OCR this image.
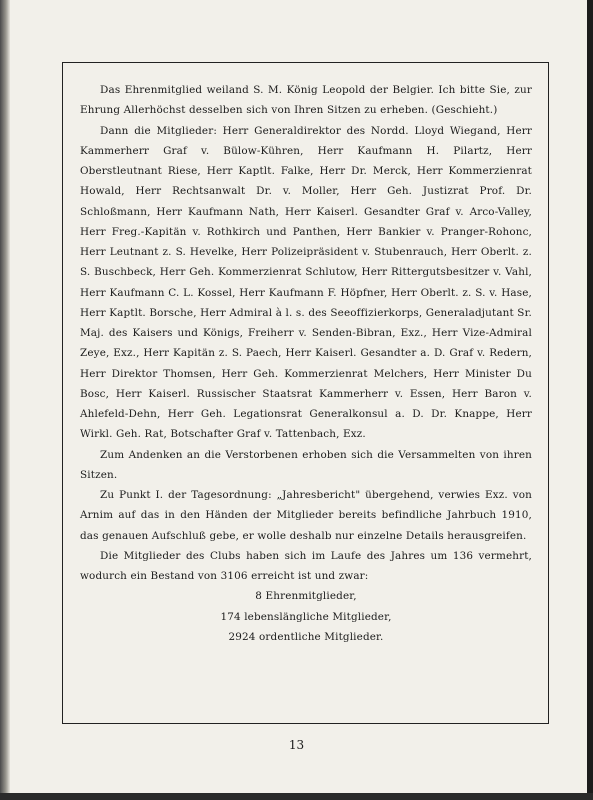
Das Ehrenmitglied weiland S. M. König Leopold der Belgier. Ich bitte Sie, zur Ehrung Allerhöchst desselben sich von Ihren Sitzen zu erheben. (Geschieht.)

Dann die Mitglieder: Herr Generaldirektor des Nordd. Lloyd Wiegand, Herr Kammerherr Graf v. Bülow-Kühren, Herr Kaufmann H. Pilartz, Herr Oberstleutnant Riese, Herr Kaptlt. Falke, Herr Dr. Merck, Herr Kommerzienrat Howald, Herr Rechtsanwalt Dr. v. Moller, Herr Geh. Justizrat Prof. Dr. Schloßmann, Herr Kaufmann Nath, Herr Kaiserl. Gesandter Graf v. Arco-Valley, Herr Freg.-Kapitän v. Rothkirch und Panthen, Herr Bankier v. Pranger-Rohonc, Herr Leutnant z. S. Hevelke, Herr Polizeipräsident v. Stubenrauch, Herr Oberlt. z. S. Buschbeck, Herr Geh. Kommerzienrat Schlutow, Herr Rittergutsbesitzer v. Vahl, Herr Kaufmann C. L. Kossel, Herr Kaufmann F. Höpfner, Herr Oberlt. z. S. v. Hase, Herr Kaptlt. Borsche, Herr Admiral à l. s. des Seeoffizierkorps, Generaladjutant Sr. Maj. des Kaisers und Königs, Freiherr v. Senden-Bibran, Exz., Herr Vize-Admiral Zeye, Exz., Herr Kapitän z. S. Paech, Herr Kaiserl. Gesandter a. D. Graf v. Redern, Herr Direktor Thomsen, Herr Geh. Kommerzienrat Melchers, Herr Minister Du Bosc, Herr Kaiserl. Russischer Staatsrat Kammerherr v. Essen, Herr Baron v. Ahlefeld-Dehn, Herr Geh. Legationsrat Generalkonsul a. D. Dr. Knappe, Herr Wirkl. Geh. Rat, Botschafter Graf v. Tattenbach, Exz.

Zum Andenken an die Verstorbenen erhoben sich die Versammelten von ihren Sitzen.

Zu Punkt I. der Tagesordnung: „Jahresbericht" übergehend, verwies Exz. von Arnim auf das in den Händen der Mitglieder bereits befindliche Jahrbuch 1910, das genauen Aufschluß gebe, er wolle deshalb nur einzelne Details herausgreifen.

Die Mitglieder des Clubs haben sich im Laufe des Jahres um 136 vermehrt, wodurch ein Bestand von 3106 erreicht ist und zwar:

8 Ehrenmitglieder,
174 lebenslängliche Mitglieder,
2924 ordentliche Mitglieder.
13
